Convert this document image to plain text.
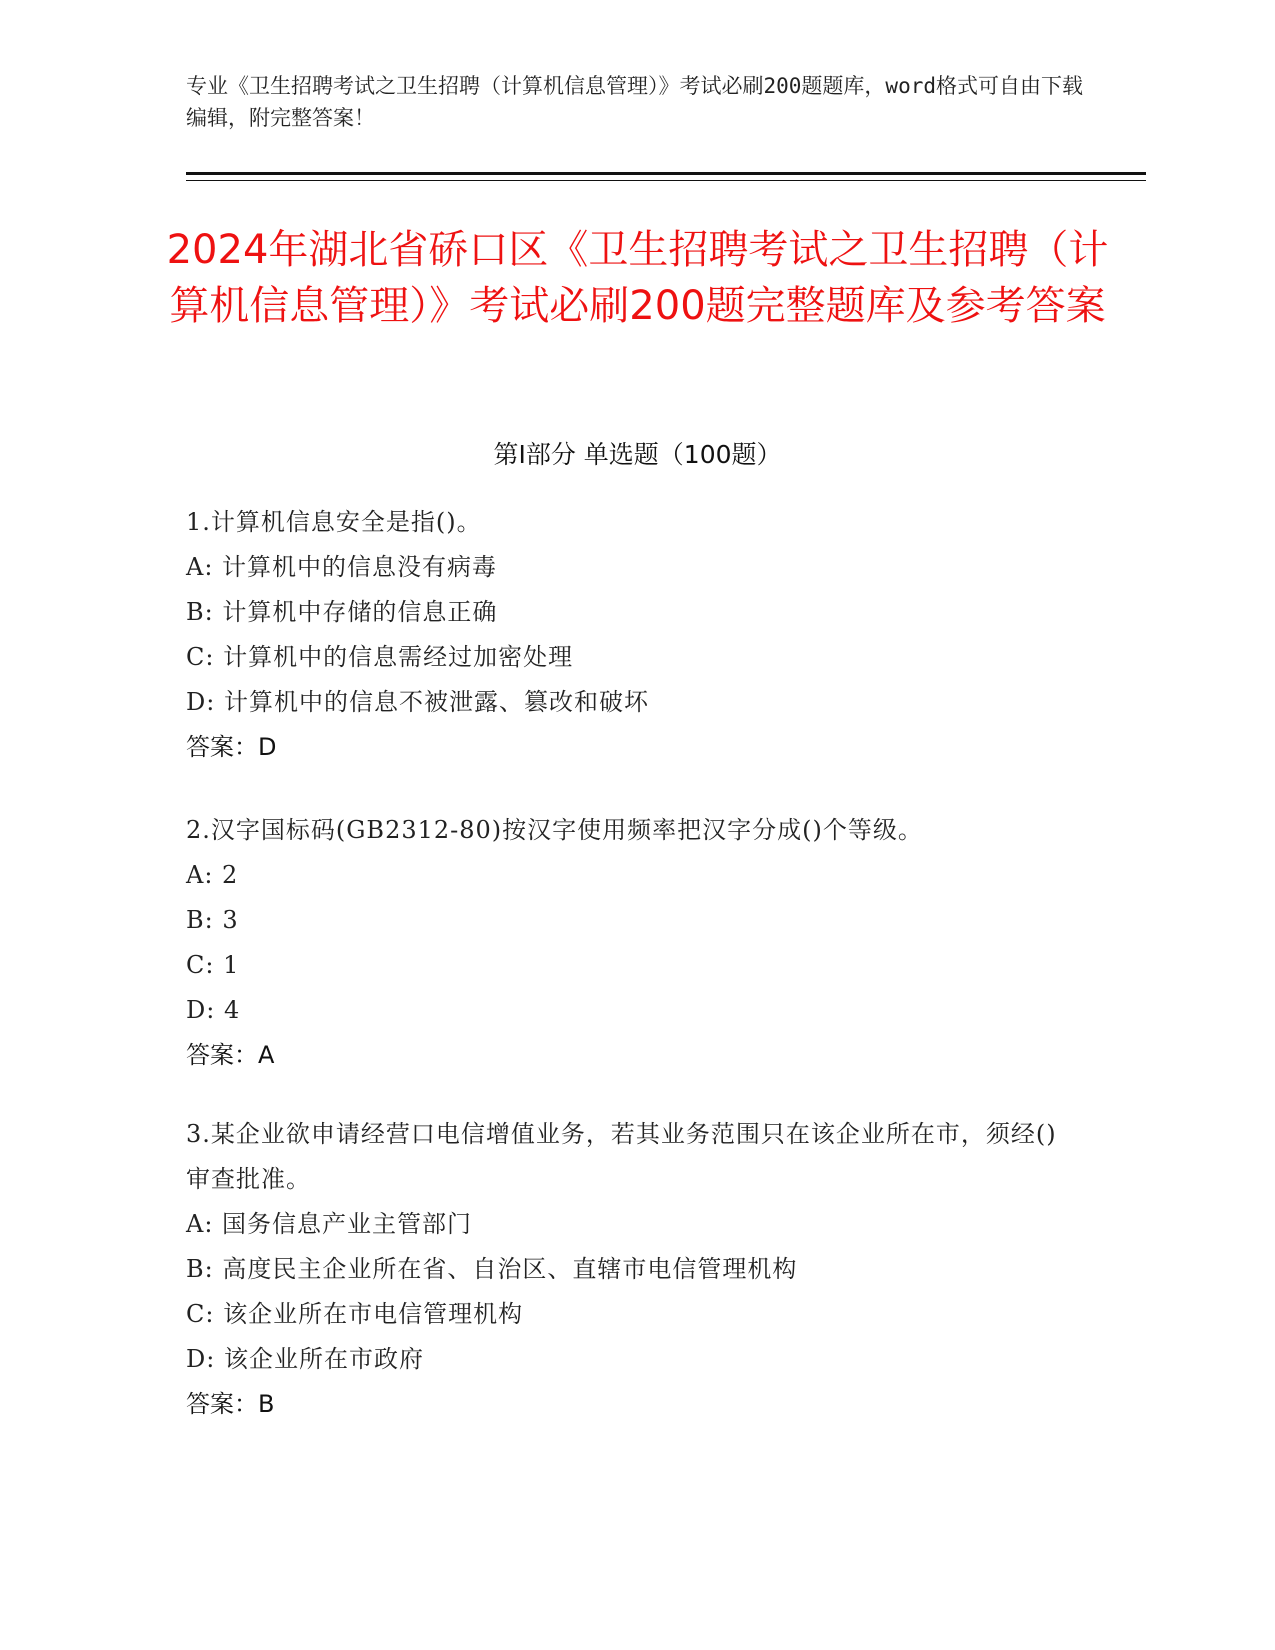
专业《卫生招聘考试之卫生招聘（计算机信息管理）》考试必刷200题题库，word格式可自由下载编辑，附完整答案！
2024年湖北省硚口区《卫生招聘考试之卫生招聘（计算机信息管理）》考试必刷200题完整题库及参考答案
第Ⅰ部分 单选题（100题）
1.计算机信息安全是指()。
A: 计算机中的信息没有病毒
B: 计算机中存储的信息正确
C: 计算机中的信息需经过加密处理
D: 计算机中的信息不被泄露、篡改和破坏
答案：D
2.汉字国标码(GB2312-80)按汉字使用频率把汉字分成()个等级。
A: 2
B: 3
C: 1
D: 4
答案：A
3.某企业欲申请经营口电信增值业务，若其业务范围只在该企业所在市，须经()审查批准。
A: 国务信息产业主管部门
B: 高度民主企业所在省、自治区、直辖市电信管理机构
C: 该企业所在市电信管理机构
D: 该企业所在市政府
答案：B
